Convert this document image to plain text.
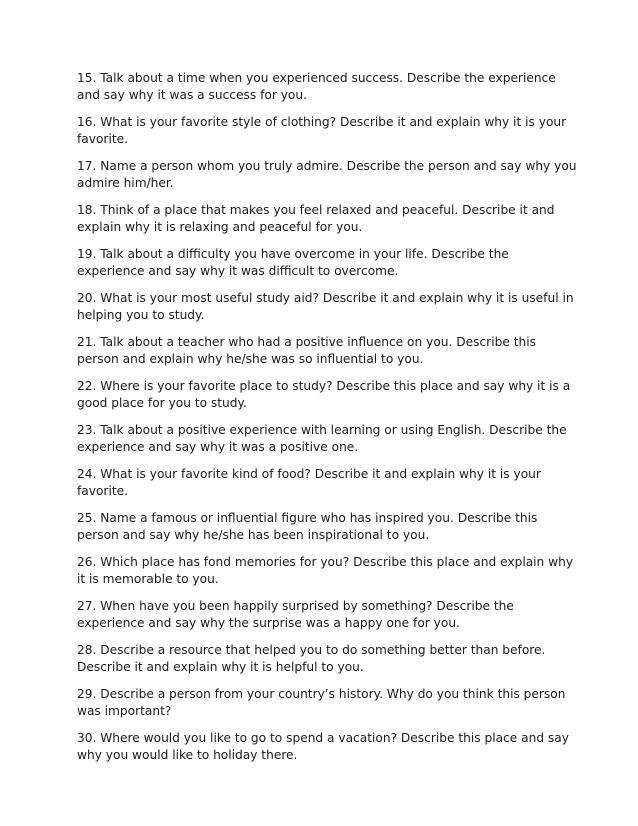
15. Talk about a time when you experienced success. Describe the experience and say why it was a success for you.
16. What is your favorite style of clothing? Describe it and explain why it is your favorite.
17. Name a person whom you truly admire. Describe the person and say why you admire him/her.
18. Think of a place that makes you feel relaxed and peaceful. Describe it and explain why it is relaxing and peaceful for you.
19. Talk about a difficulty you have overcome in your life. Describe the experience and say why it was difficult to overcome.
20. What is your most useful study aid? Describe it and explain why it is useful in helping you to study.
21. Talk about a teacher who had a positive influence on you. Describe this person and explain why he/she was so influential to you.
22. Where is your favorite place to study? Describe this place and say why it is a good place for you to study.
23. Talk about a positive experience with learning or using English. Describe the experience and say why it was a positive one.
24. What is your favorite kind of food? Describe it and explain why it is your favorite.
25. Name a famous or influential figure who has inspired you. Describe this person and say why he/she has been inspirational to you.
26. Which place has fond memories for you? Describe this place and explain why it is memorable to you.
27. When have you been happily surprised by something? Describe the experience and say why the surprise was a happy one for you.
28. Describe a resource that helped you to do something better than before. Describe it and explain why it is helpful to you.
29. Describe a person from your country’s history. Why do you think this person was important?
30. Where would you like to go to spend a vacation? Describe this place and say why you would like to holiday there.
